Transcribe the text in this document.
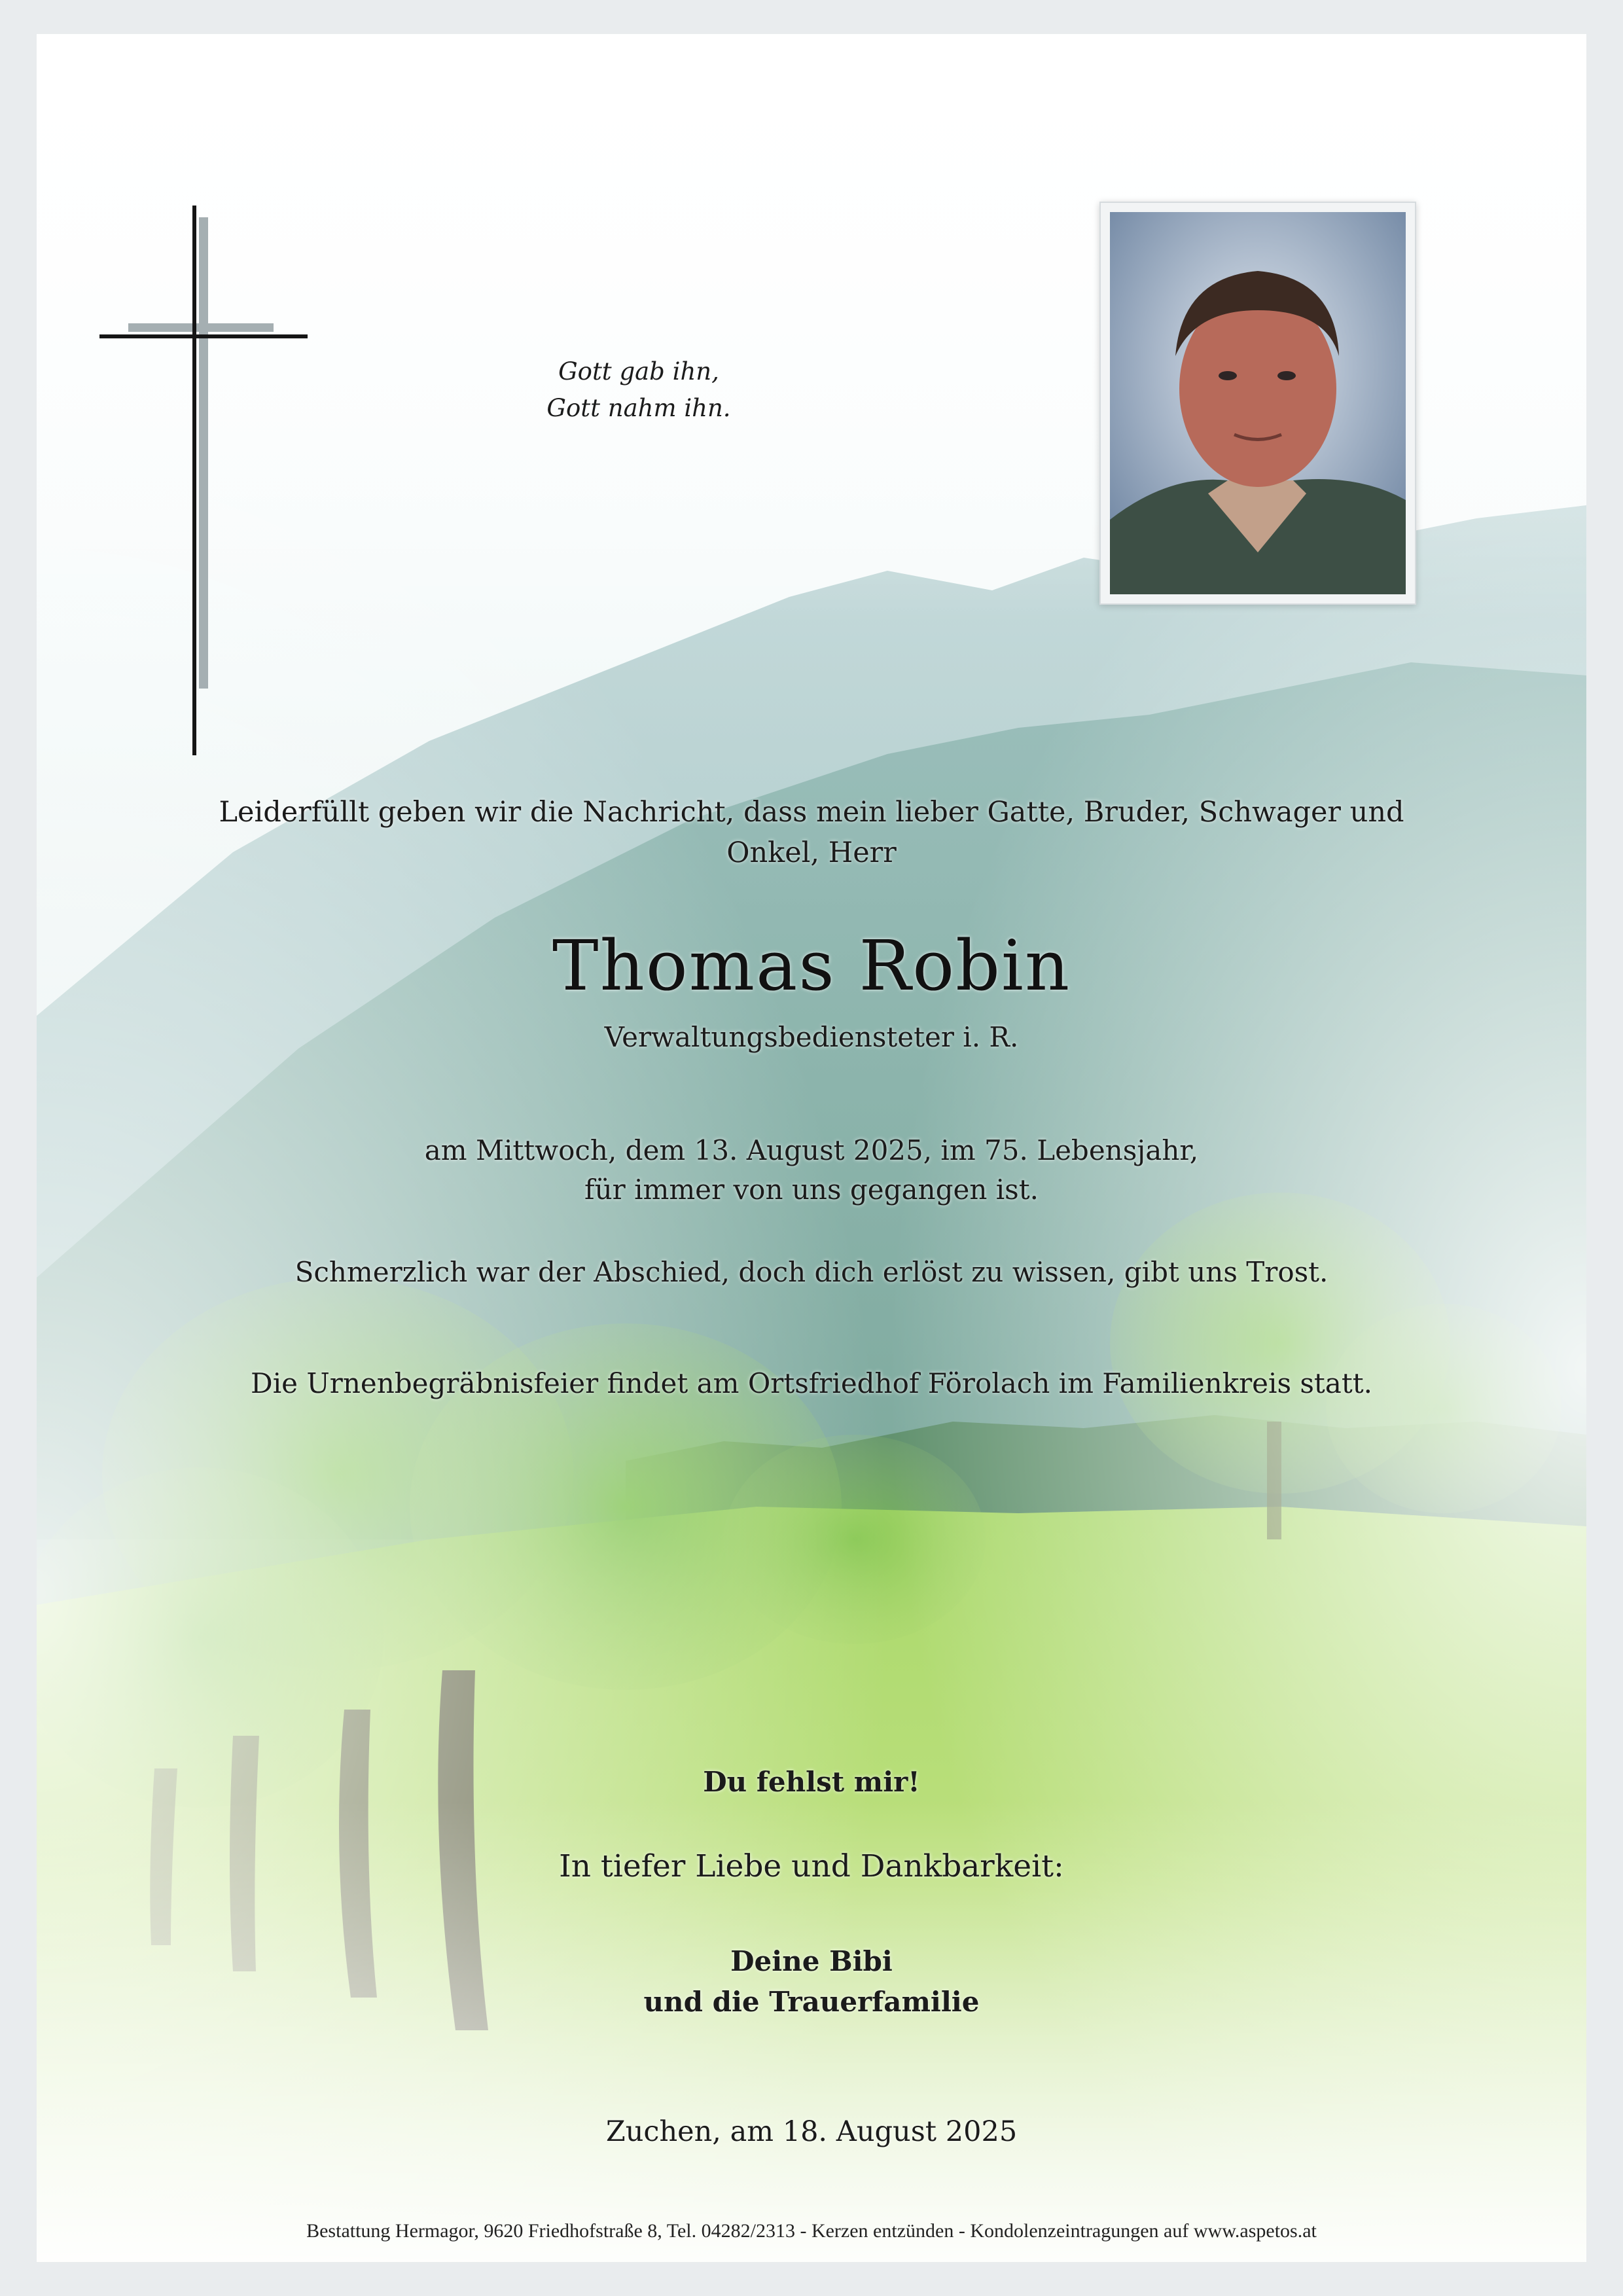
Gott gab ihn,
Gott nahm ihn.
Leiderfüllt geben wir die Nachricht, dass mein lieber Gatte, Bruder, Schwager und
Onkel, Herr
Thomas Robin
Verwaltungsbediensteter i. R.
am Mittwoch, dem 13. August 2025, im 75. Lebensjahr,
für immer von uns gegangen ist.
Schmerzlich war der Abschied, doch dich erlöst zu wissen, gibt uns Trost.
Die Urnenbegräbnisfeier findet am Ortsfriedhof Förolach im Familienkreis statt.
Du fehlst mir!
In tiefer Liebe und Dankbarkeit:
Deine Bibi
und die Trauerfamilie
Zuchen, am 18. August 2025
Bestattung Hermagor, 9620 Friedhofstraße 8, Tel. 04282/2313 - Kerzen entzünden - Kondolenzeintragungen auf www.aspetos.at
